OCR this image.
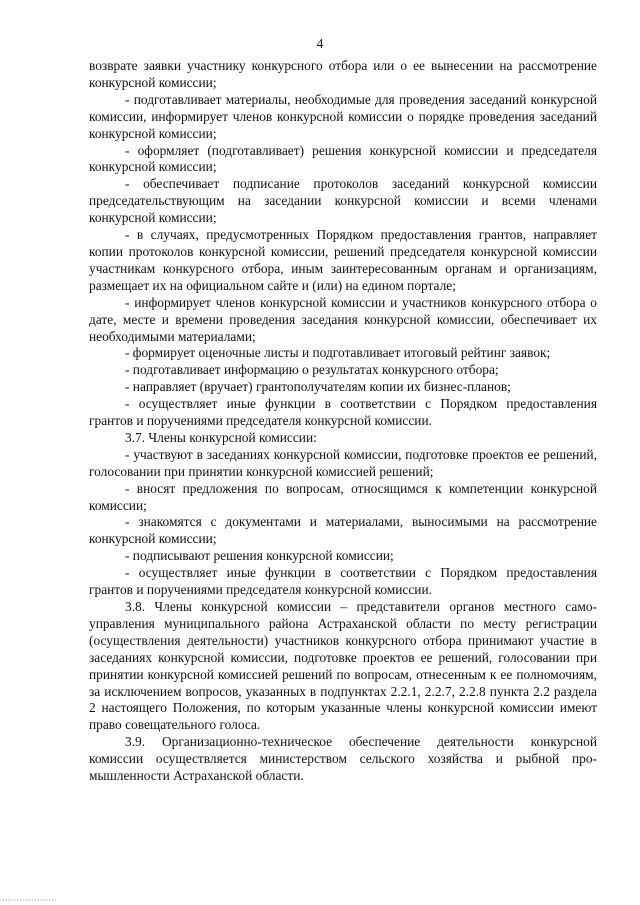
4

возврате заявки участнику конкурсного отбора или о ее вынесении на рассмотрение конкурсной комиссии;

- подготавливает материалы, необходимые для проведения заседаний конкурсной комиссии, информирует членов конкурсной комиссии о порядке проведения заседаний конкурсной комиссии;

- оформляет (подготавливает) решения конкурсной комиссии и председателя конкурсной комиссии;

- обеспечивает подписание протоколов заседаний конкурсной комиссии председательствующим на заседании конкурсной комиссии и всеми членами конкурсной комиссии;

- в случаях, предусмотренных Порядком предоставления грантов, направляет копии протоколов конкурсной комиссии, решений председателя конкурсной комиссии участникам конкурсного отбора, иным заинтересованным органам и организациям, размещает их на официальном сайте и (или) на едином портале;

- информирует членов конкурсной комиссии и участников конкурсного отбора о дате, месте и времени проведения заседания конкурсной комиссии, обеспечивает их необходимыми материалами;

- формирует оценочные листы и подготавливает итоговый рейтинг заявок;

- подготавливает информацию о результатах конкурсного отбора;

- направляет (вручает) грантополучателям копии их бизнес-планов;

- осуществляет иные функции в соответствии с Порядком предоставления грантов и поручениями председателя конкурсной комиссии.

3.7. Члены конкурсной комиссии:

- участвуют в заседаниях конкурсной комиссии, подготовке проектов ее решений, голосовании при принятии конкурсной комиссией решений;

- вносят предложения по вопросам, относящимся к компетенции конкурсной комиссии;

- знакомятся с документами и материалами, выносимыми на рассмотрение конкурсной комиссии;

- подписывают решения конкурсной комиссии;

- осуществляет иные функции в соответствии с Порядком предоставления грантов и поручениями председателя конкурсной комиссии.

3.8. Члены конкурсной комиссии – представители органов местного самоуправления муниципального района Астраханской области по месту регистрации (осуществления деятельности) участников конкурсного отбора принимают участие в заседаниях конкурсной комиссии, подготовке проектов ее решений, голосовании при принятии конкурсной комиссией решений по вопросам, отнесенным к ее полномочиям, за исключением вопросов, указанных в подпунктах 2.2.1, 2.2.7, 2.2.8 пункта 2.2 раздела 2 настоящего Положения, по которым указанные члены конкурсной комиссии имеют право совещательного голоса.

3.9. Организационно-техническое обеспечение деятельности конкурсной комиссии осуществляется министерством сельского хозяйства и рыбной промышленности Астраханской области.

ııııııııııııııııııı
